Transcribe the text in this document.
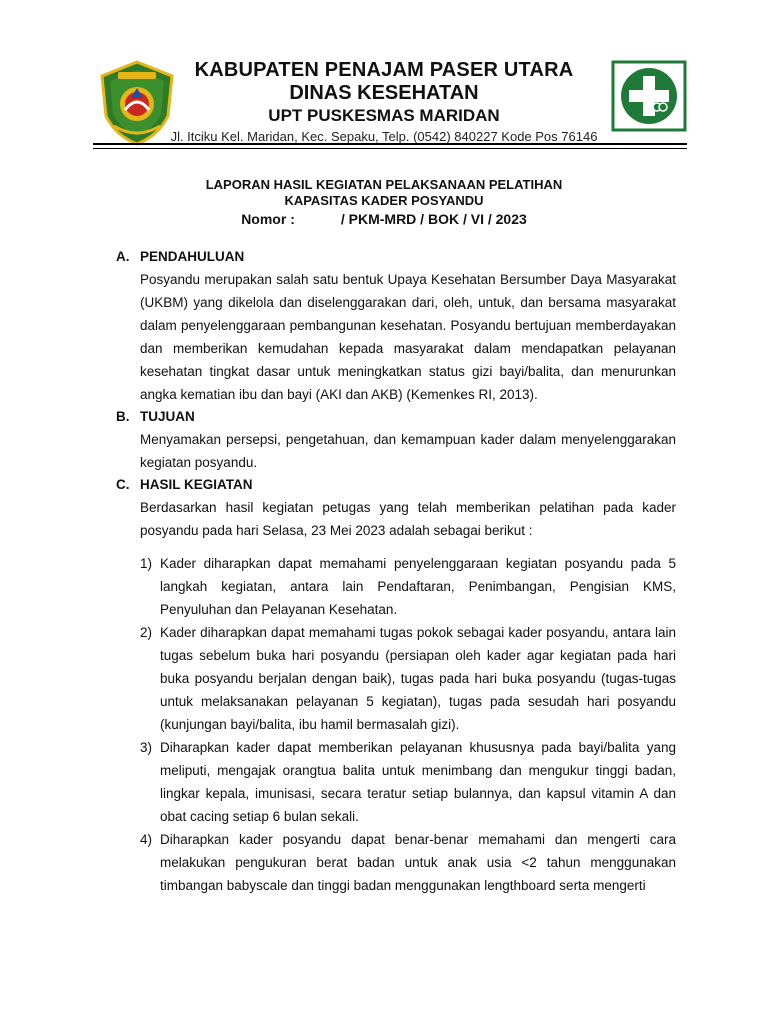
KABUPATEN PENAJAM PASER UTARA
DINAS KESEHATAN
UPT PUSKESMAS MARIDAN
Jl. Itciku Kel. Maridan, Kec. Sepaku, Telp. (0542) 840227 Kode Pos 76146
LAPORAN HASIL KEGIATAN PELAKSANAAN PELATIHAN
KAPASITAS KADER POSYANDU
Nomor :	/ PKM-MRD / BOK / VI / 2023
A. PENDAHULUAN
Posyandu merupakan salah satu bentuk Upaya Kesehatan Bersumber Daya Masyarakat (UKBM) yang dikelola dan diselenggarakan dari, oleh, untuk, dan bersama masyarakat dalam penyelenggaraan pembangunan kesehatan. Posyandu bertujuan memberdayakan dan memberikan kemudahan kepada masyarakat dalam mendapatkan pelayanan kesehatan tingkat dasar untuk meningkatkan status gizi bayi/balita, dan menurunkan angka kematian ibu dan bayi (AKI dan AKB) (Kemenkes RI, 2013).
B. TUJUAN
Menyamakan persepsi, pengetahuan, dan kemampuan kader dalam menyelenggarakan kegiatan posyandu.
C. HASIL KEGIATAN
Berdasarkan hasil kegiatan petugas yang telah memberikan pelatihan pada kader posyandu pada hari Selasa, 23 Mei 2023 adalah sebagai berikut :
1) Kader diharapkan dapat memahami penyelenggaraan kegiatan posyandu pada 5 langkah kegiatan, antara lain Pendaftaran, Penimbangan, Pengisian KMS, Penyuluhan dan Pelayanan Kesehatan.
2) Kader diharapkan dapat memahami tugas pokok sebagai kader posyandu, antara lain tugas sebelum buka hari posyandu (persiapan oleh kader agar kegiatan pada hari buka posyandu berjalan dengan baik), tugas pada hari buka posyandu (tugas-tugas untuk melaksanakan pelayanan 5 kegiatan), tugas pada sesudah hari posyandu (kunjungan bayi/balita, ibu hamil bermasalah gizi).
3) Diharapkan kader dapat memberikan pelayanan khususnya pada bayi/balita yang meliputi, mengajak orangtua balita untuk menimbang dan mengukur tinggi badan, lingkar kepala, imunisasi, secara teratur setiap bulannya, dan kapsul vitamin A dan obat cacing setiap 6 bulan sekali.
4) Diharapkan kader posyandu dapat benar-benar memahami dan mengerti cara melakukan pengukuran berat badan untuk anak usia <2 tahun menggunakan timbangan babyscale dan tinggi badan menggunakan lengthboard serta mengerti
